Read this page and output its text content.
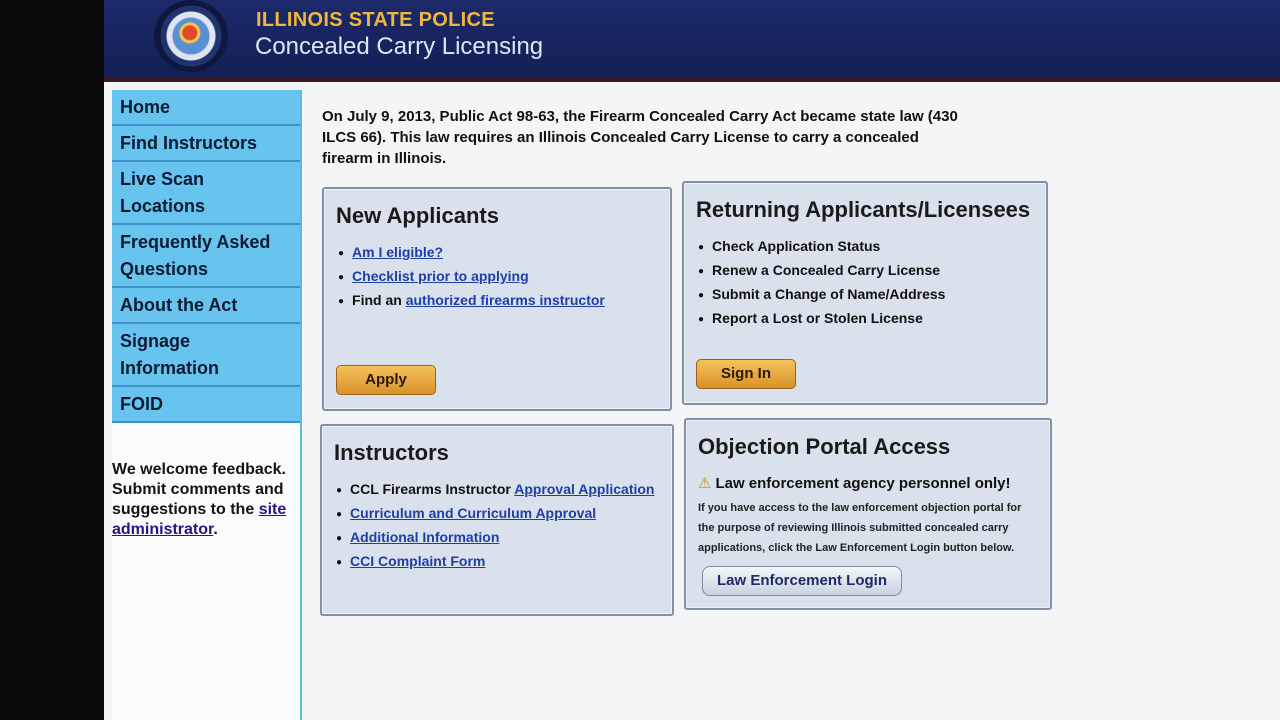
ILLINOIS STATE POLICE
Concealed Carry Licensing
Home
Find Instructors
Live Scan Locations
Frequently Asked Questions
About the Act
Signage Information
FOID
We welcome feedback. Submit comments and suggestions to the site administrator.
On July 9, 2013, Public Act 98-63, the Firearm Concealed Carry Act became state law (430 ILCS 66). This law requires an Illinois Concealed Carry License to carry a concealed firearm in Illinois.
New Applicants
● Am I eligible?
● Checklist prior to applying
● Find an authorized firearms instructor
Apply
Returning Applicants/Licensees
● Check Application Status
● Renew a Concealed Carry License
● Submit a Change of Name/Address
● Report a Lost or Stolen License
Sign In
Instructors
● CCL Firearms Instructor Approval Application
● Curriculum and Curriculum Approval
● Additional Information
● CCI Complaint Form
Objection Portal Access
⚠ Law enforcement agency personnel only!
If you have access to the law enforcement objection portal for the purpose of reviewing Illinois submitted concealed carry applications, click the Law Enforcement Login button below.
Law Enforcement Login
